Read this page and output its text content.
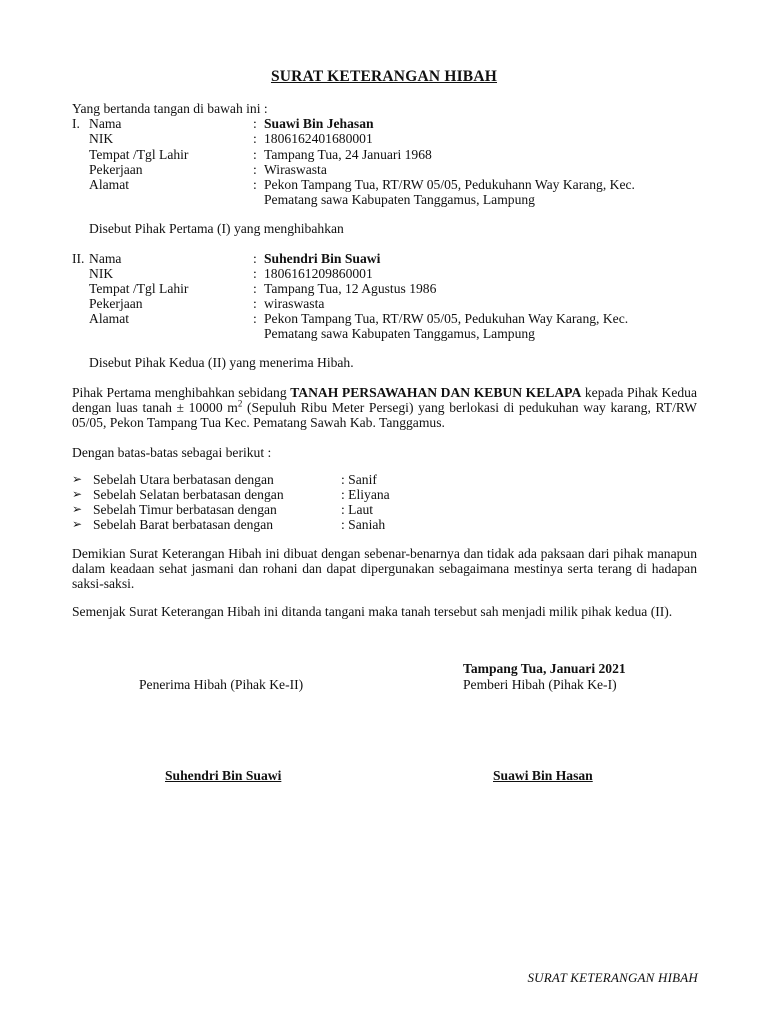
SURAT KETERANGAN HIBAH
Yang bertanda tangan di bawah ini :
I. Nama	: Suawi Bin Jehasan
NIK	: 1806162401680001
Tempat /Tgl Lahir	: Tampang Tua, 24 Januari 1968
Pekerjaan	: Wiraswasta
Alamat	: Pekon Tampang Tua, RT/RW 05/05, Pedukuhann Way Karang, Kec.
Pematang sawa Kabupaten Tanggamus, Lampung
Disebut Pihak Pertama (I) yang menghibahkan
II. Nama	: Suhendri Bin Suawi
NIK	: 1806161209860001
Tempat /Tgl Lahir	: Tampang Tua, 12 Agustus 1986
Pekerjaan	: wiraswasta
Alamat	: Pekon Tampang Tua, RT/RW 05/05, Pedukuhan Way Karang, Kec.
Pematang sawa Kabupaten Tanggamus, Lampung
Disebut Pihak Kedua (II) yang menerima Hibah.
Pihak Pertama menghibahkan sebidang TANAH PERSAWAHAN DAN KEBUN KELAPA kepada Pihak Kedua dengan luas tanah ± 10000 $m^2$ (Sepuluh Ribu Meter Persegi) yang berlokasi di pedukuhan way karang, RT/RW 05/05, Pekon Tampang Tua Kec. Pematang Sawah Kab. Tanggamus.
Dengan batas-batas sebagai berikut :
➢ Sebelah Utara berbatasan dengan	: Sanif
➢ Sebelah Selatan berbatasan dengan	: Eliyana
➢ Sebelah Timur berbatasan dengan	: Laut
➢ Sebelah Barat berbatasan dengan	: Saniah
Demikian Surat Keterangan Hibah ini dibuat dengan sebenar-benarnya dan tidak ada paksaan dari pihak manapun dalam keadaan sehat jasmani dan rohani dan dapat dipergunakan sebagaimana mestinya serta terang di hadapan saksi-saksi.
Semenjak Surat Keterangan Hibah ini ditanda tangani maka tanah tersebut sah menjadi milik pihak kedua (II).
Tampang Tua, Januari 2021
Penerima Hibah (Pihak Ke-II)	Pemberi Hibah (Pihak Ke-I)
Suhendri Bin Suawi	Suawi Bin Hasan
SURAT KETERANGAN HIBAH
